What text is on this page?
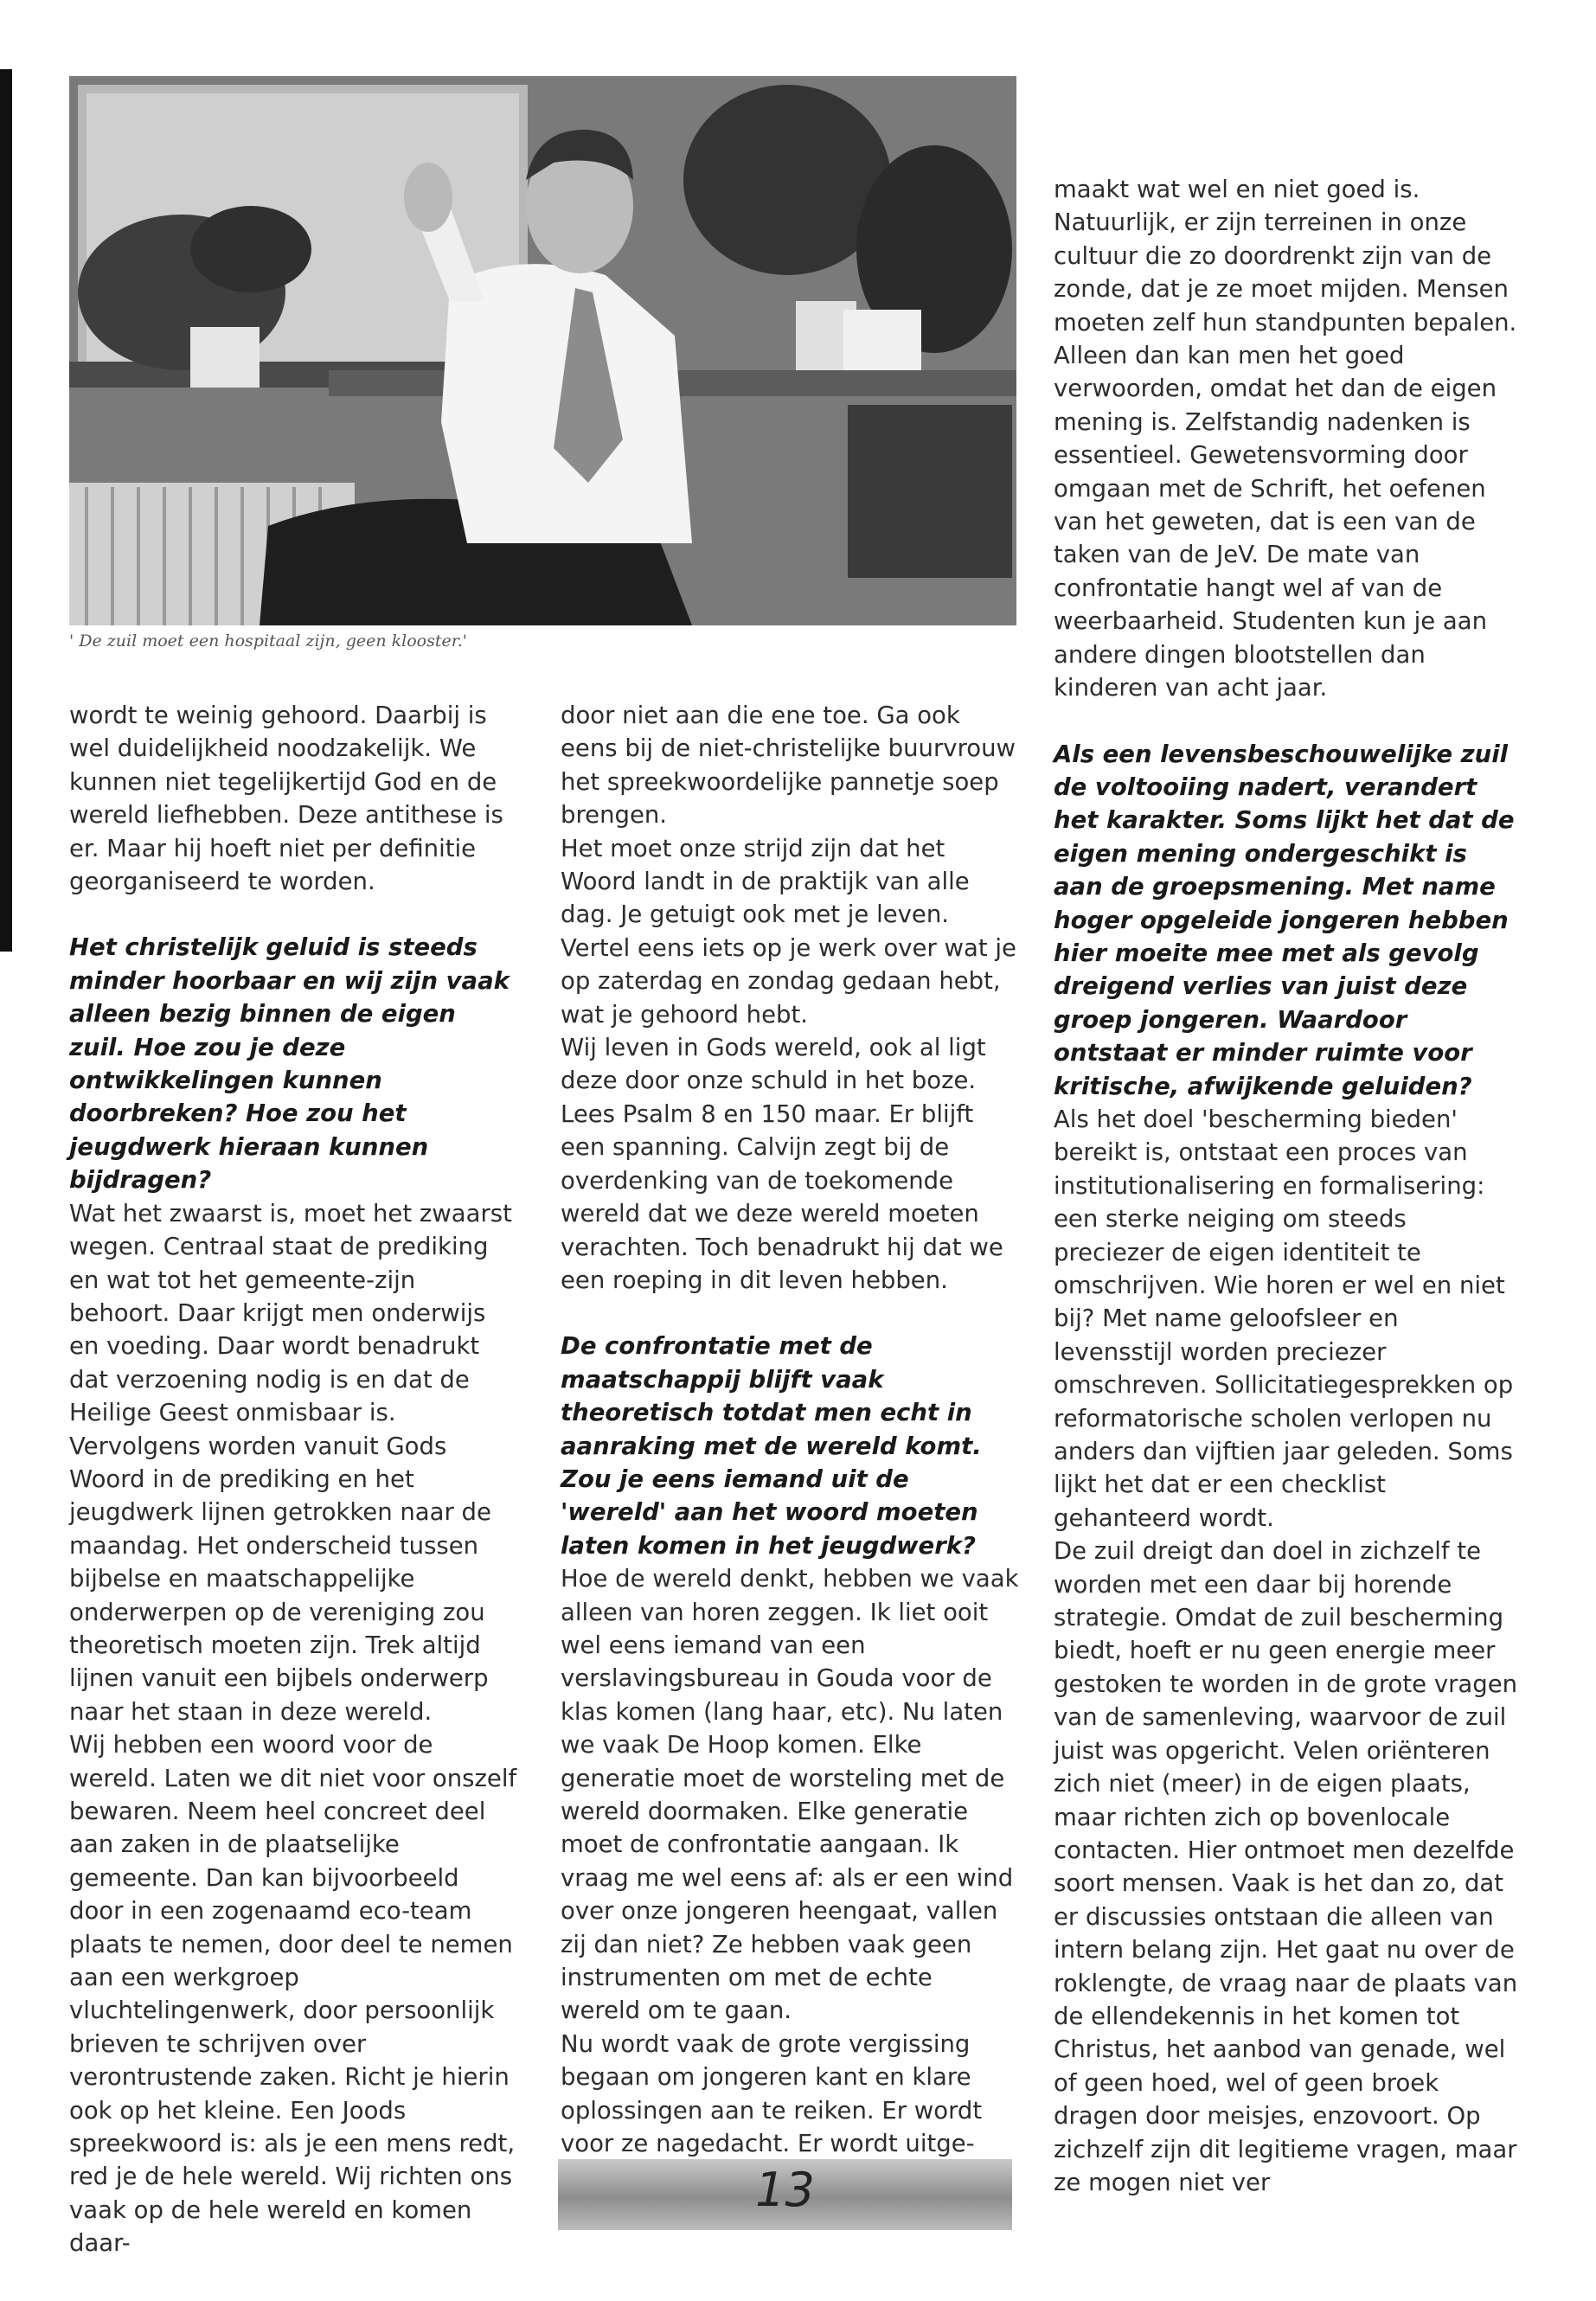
' De zuil moet een hospitaal zijn, geen klooster.'

wordt te weinig gehoord. Daarbij is wel duidelijkheid noodzakelijk. We kunnen niet tegelijkertijd God en de wereld liefhebben. Deze antithese is er. Maar hij hoeft niet per definitie georganiseerd te worden.

Het christelijk geluid is steeds minder hoorbaar en wij zijn vaak alleen bezig binnen de eigen zuil. Hoe zou je deze ontwikkelingen kunnen doorbreken? Hoe zou het jeugdwerk hieraan kunnen bijdragen?

Wat het zwaarst is, moet het zwaarst wegen. Centraal staat de prediking en wat tot het gemeente-zijn behoort. Daar krijgt men onderwijs en voeding. Daar wordt benadrukt dat verzoening nodig is en dat de Heilige Geest onmisbaar is. Vervolgens worden vanuit Gods Woord in de prediking en het jeugdwerk lijnen getrokken naar de maandag. Het onderscheid tussen bijbelse en maatschappelijke onderwerpen op de vereniging zou theoretisch moeten zijn. Trek altijd lijnen vanuit een bijbels onderwerp naar het staan in deze wereld.

Wij hebben een woord voor de wereld. Laten we dit niet voor onszelf bewaren. Neem heel concreet deel aan zaken in de plaatselijke gemeente. Dan kan bijvoorbeeld door in een zogenaamd eco-team plaats te nemen, door deel te nemen aan een werkgroep vluchtelingenwerk, door persoonlijk brieven te schrijven over verontrustende zaken. Richt je hierin ook op het kleine. Een Joods spreekwoord is: als je een mens redt, red je de hele wereld. Wij richten ons vaak op de hele wereld en komen daar-

door niet aan die ene toe. Ga ook eens bij de niet-christelijke buurvrouw het spreekwoordelijke pannetje soep brengen.

Het moet onze strijd zijn dat het Woord landt in de praktijk van alle dag. Je getuigt ook met je leven. Vertel eens iets op je werk over wat je op zaterdag en zondag gedaan hebt, wat je gehoord hebt.

Wij leven in Gods wereld, ook al ligt deze door onze schuld in het boze. Lees Psalm 8 en 150 maar. Er blijft een spanning. Calvijn zegt bij de overdenking van de toekomende wereld dat we deze wereld moeten verachten. Toch benadrukt hij dat we een roeping in dit leven hebben.

De confrontatie met de maatschappij blijft vaak theoretisch totdat men echt in aanraking met de wereld komt. Zou je eens iemand uit de 'wereld' aan het woord moeten laten komen in het jeugdwerk?

Hoe de wereld denkt, hebben we vaak alleen van horen zeggen. Ik liet ooit wel eens iemand van een verslavingsbureau in Gouda voor de klas komen (lang haar, etc). Nu laten we vaak De Hoop komen. Elke generatie moet de worsteling met de wereld doormaken. Elke generatie moet de confrontatie aangaan. Ik vraag me wel eens af: als er een wind over onze jongeren heengaat, vallen zij dan niet? Ze hebben vaak geen instrumenten om met de echte wereld om te gaan.

Nu wordt vaak de grote vergissing begaan om jongeren kant en klare oplossingen aan te reiken. Er wordt voor ze nagedacht. Er wordt uitge-

maakt wat wel en niet goed is. Natuurlijk, er zijn terreinen in onze cultuur die zo doordrenkt zijn van de zonde, dat je ze moet mijden. Mensen moeten zelf hun standpunten bepalen. Alleen dan kan men het goed verwoorden, omdat het dan de eigen mening is. Zelfstandig nadenken is essentieel. Gewetensvorming door omgaan met de Schrift, het oefenen van het geweten, dat is een van de taken van de JeV. De mate van confrontatie hangt wel af van de weerbaarheid. Studenten kun je aan andere dingen blootstellen dan kinderen van acht jaar.

Als een levensbeschouwelijke zuil de voltooiing nadert, verandert het karakter. Soms lijkt het dat de eigen mening ondergeschikt is aan de groepsmening. Met name hoger opgeleide jongeren hebben hier moeite mee met als gevolg dreigend verlies van juist deze groep jongeren. Waardoor ontstaat er minder ruimte voor kritische, afwijkende geluiden?

Als het doel 'bescherming bieden' bereikt is, ontstaat een proces van institutionalisering en formalisering: een sterke neiging om steeds preciezer de eigen identiteit te omschrijven. Wie horen er wel en niet bij? Met name geloofsleer en levensstijl worden preciezer omschreven. Sollicitatiegesprekken op reformatorische scholen verlopen nu anders dan vijftien jaar geleden. Soms lijkt het dat er een checklist gehanteerd wordt.

De zuil dreigt dan doel in zichzelf te worden met een daar bij horende strategie. Omdat de zuil bescherming biedt, hoeft er nu geen energie meer gestoken te worden in de grote vragen van de samenleving, waarvoor de zuil juist was opgericht. Velen oriënteren zich niet (meer) in de eigen plaats, maar richten zich op bovenlocale contacten. Hier ontmoet men dezelfde soort mensen. Vaak is het dan zo, dat er discussies ontstaan die alleen van intern belang zijn. Het gaat nu over de roklengte, de vraag naar de plaats van de ellendekennis in het komen tot Christus, het aanbod van genade, wel of geen hoed, wel of geen broek dragen door meisjes, enzovoort. Op zichzelf zijn dit legitieme vragen, maar ze mogen niet ver

13
